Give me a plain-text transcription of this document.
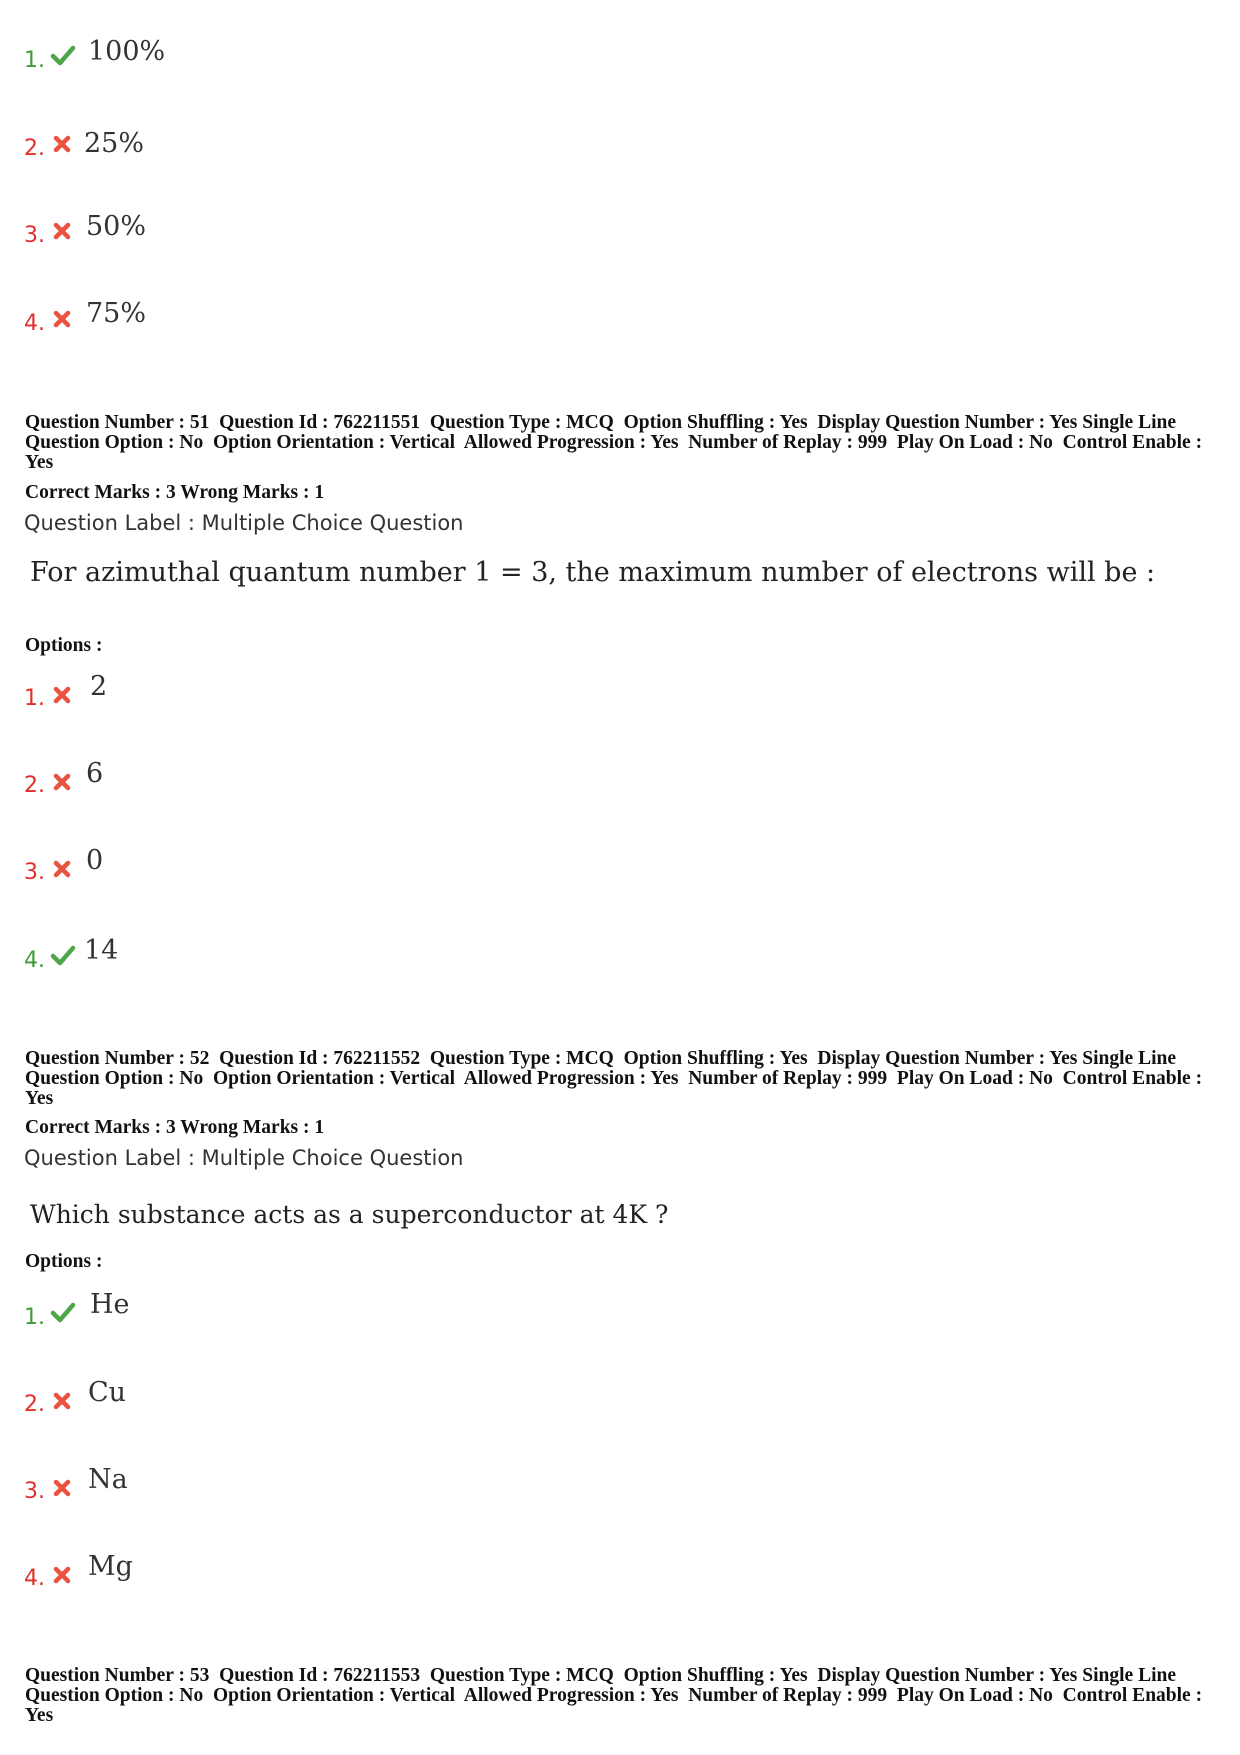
1. 100%
2. 25%
3. 50%
4. 75%
Question Number : 51  Question Id : 762211551  Question Type : MCQ  Option Shuffling : Yes  Display Question Number : Yes Single Line Question Option : No  Option Orientation : Vertical  Allowed Progression : Yes  Number of Replay : 999  Play On Load : No  Control Enable : Yes
Correct Marks : 3 Wrong Marks : 1
Question Label : Multiple Choice Question
For azimuthal quantum number 1 = 3, the maximum number of electrons will be :
Options :
1. 2
2. 6
3. 0
4. 14
Question Number : 52  Question Id : 762211552  Question Type : MCQ  Option Shuffling : Yes  Display Question Number : Yes Single Line Question Option : No  Option Orientation : Vertical  Allowed Progression : Yes  Number of Replay : 999  Play On Load : No  Control Enable : Yes
Correct Marks : 3 Wrong Marks : 1
Question Label : Multiple Choice Question
Which substance acts as a superconductor at 4K ?
Options :
1. He
2. Cu
3. Na
4. Mg
Question Number : 53  Question Id : 762211553  Question Type : MCQ  Option Shuffling : Yes  Display Question Number : Yes Single Line Question Option : No  Option Orientation : Vertical  Allowed Progression : Yes  Number of Replay : 999  Play On Load : No  Control Enable : Yes
